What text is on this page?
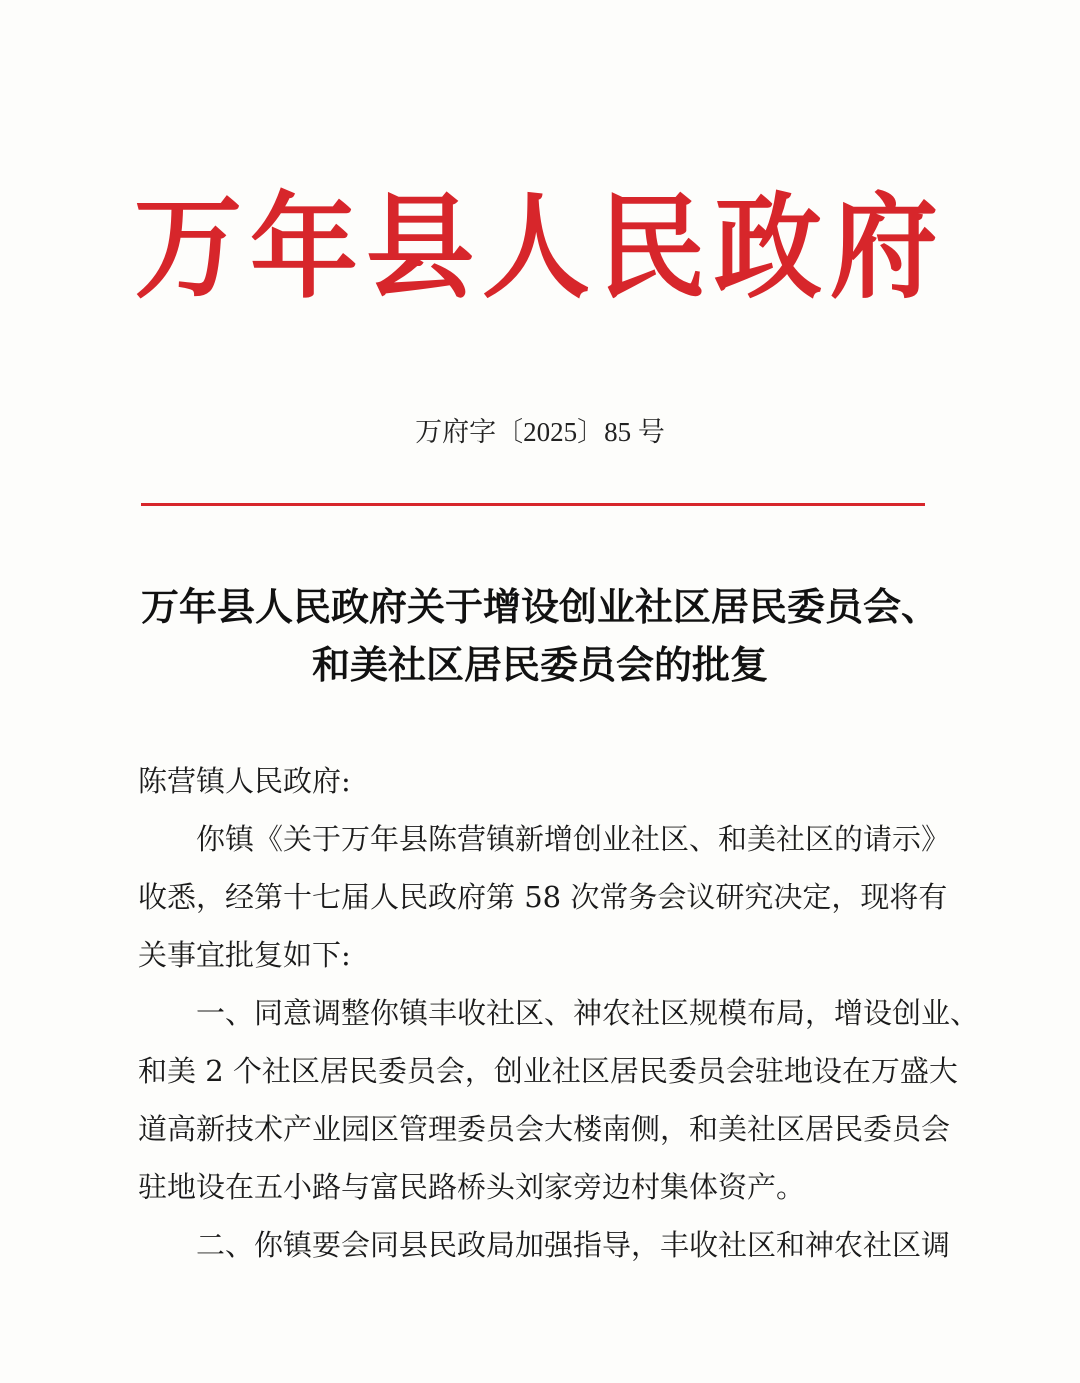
万年县人民政府
万府字〔2025〕85 号
万年县人民政府关于增设创业社区居民委员会、
和美社区居民委员会的批复
陈营镇人民政府:
你镇《关于万年县陈营镇新增创业社区、和美社区的请示》
收悉，经第十七届人民政府第 58 次常务会议研究决定，现将有
关事宜批复如下:
一、同意调整你镇丰收社区、神农社区规模布局，增设创业、
和美 2 个社区居民委员会，创业社区居民委员会驻地设在万盛大
道高新技术产业园区管理委员会大楼南侧，和美社区居民委员会
驻地设在五小路与富民路桥头刘家旁边村集体资产。
二、你镇要会同县民政局加强指导，丰收社区和神农社区调
